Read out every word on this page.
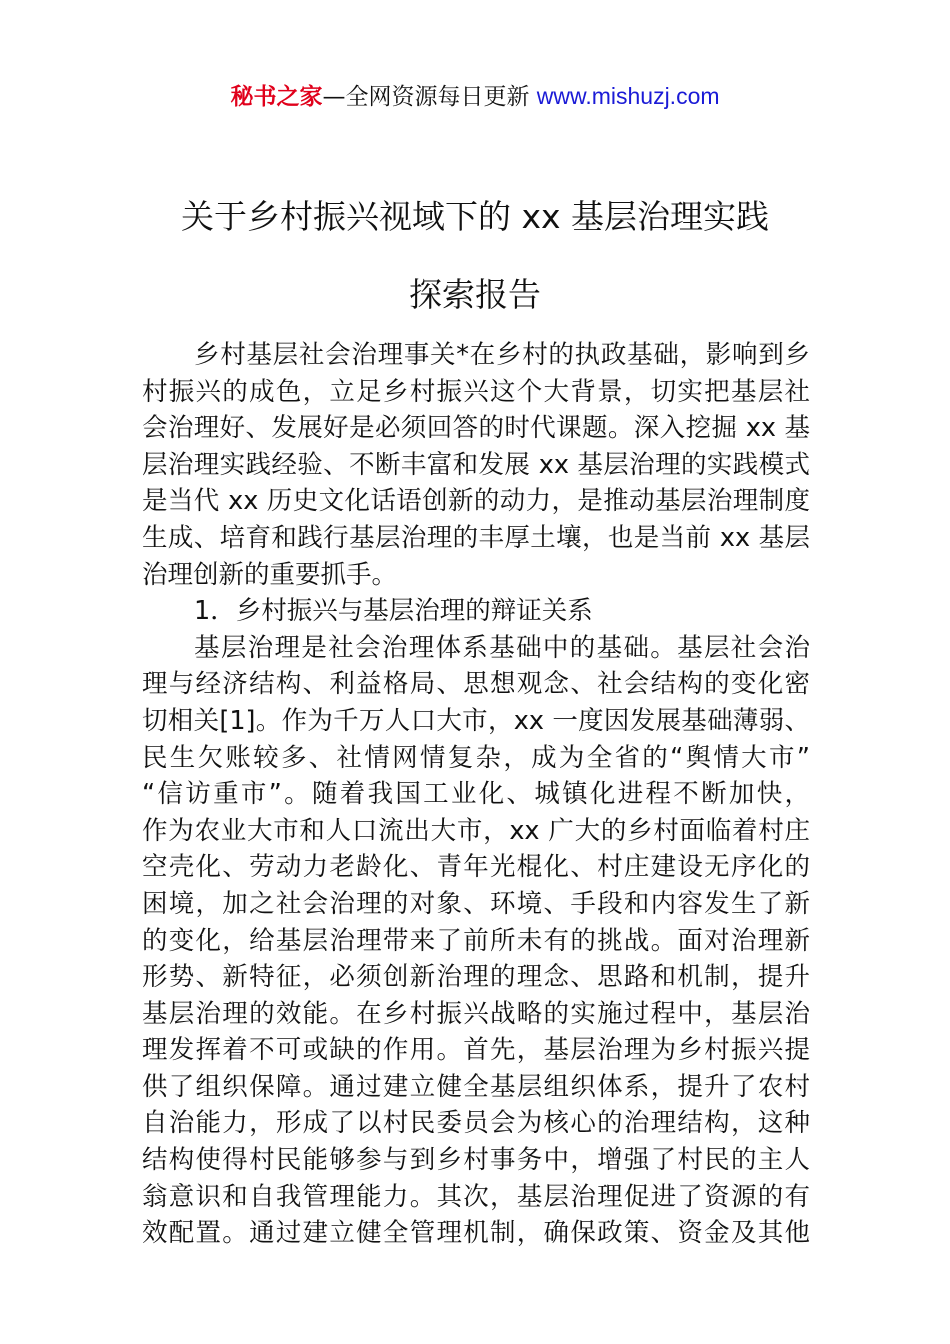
秘书之家—全网资源每日更新 www.mishuzj.com
关于乡村振兴视域下的 xx 基层治理实践
探索报告
乡村基层社会治理事关*在乡村的执政基础，影响到乡
村振兴的成色，立足乡村振兴这个大背景，切实把基层社
会治理好、发展好是必须回答的时代课题。深入挖掘 xx 基
层治理实践经验、不断丰富和发展 xx 基层治理的实践模式
是当代 xx 历史文化话语创新的动力，是推动基层治理制度
生成、培育和践行基层治理的丰厚土壤，也是当前 xx 基层
治理创新的重要抓手。
1．乡村振兴与基层治理的辩证关系
基层治理是社会治理体系基础中的基础。基层社会治
理与经济结构、利益格局、思想观念、社会结构的变化密
切相关[1]。作为千万人口大市，xx 一度因发展基础薄弱、
民生欠账较多、社情网情复杂，成为全省的“舆情大市”
“信访重市”。随着我国工业化、城镇化进程不断加快，
作为农业大市和人口流出大市，xx 广大的乡村面临着村庄
空壳化、劳动力老龄化、青年光棍化、村庄建设无序化的
困境，加之社会治理的对象、环境、手段和内容发生了新
的变化，给基层治理带来了前所未有的挑战。面对治理新
形势、新特征，必须创新治理的理念、思路和机制，提升
基层治理的效能。在乡村振兴战略的实施过程中，基层治
理发挥着不可或缺的作用。首先，基层治理为乡村振兴提
供了组织保障。通过建立健全基层组织体系，提升了农村
自治能力，形成了以村民委员会为核心的治理结构，这种
结构使得村民能够参与到乡村事务中，增强了村民的主人
翁意识和自我管理能力。其次，基层治理促进了资源的有
效配置。通过建立健全管理机制，确保政策、资金及其他
